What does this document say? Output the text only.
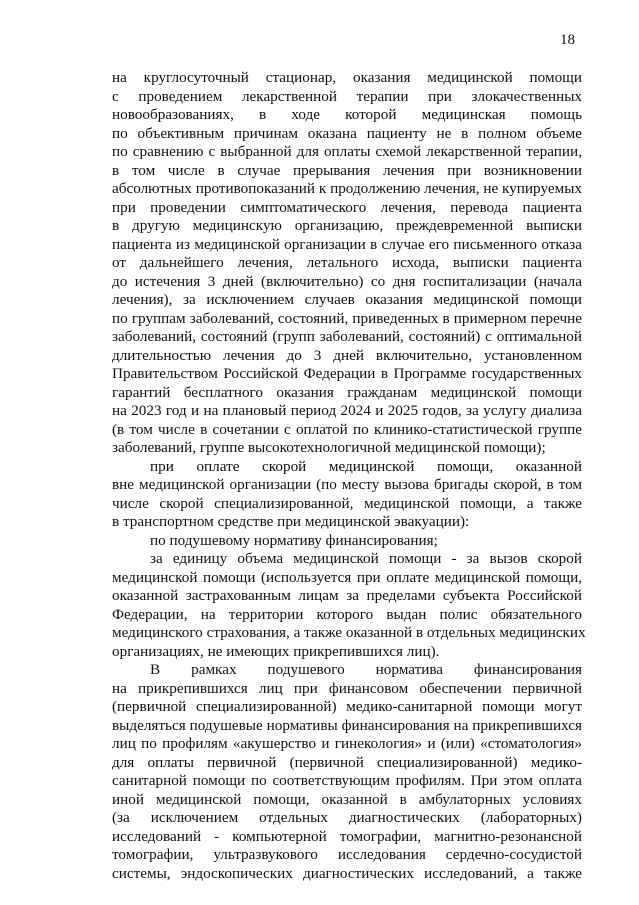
18
на круглосуточный стационар, оказания медицинской помощи
с проведением лекарственной терапии при злокачественных
новообразованиях, в ходе которой медицинская помощь
по объективным причинам оказана пациенту не в полном объеме
по сравнению с выбранной для оплаты схемой лекарственной терапии,
в том числе в случае прерывания лечения при возникновении
абсолютных противопоказаний к продолжению лечения, не купируемых
при проведении симптоматического лечения, перевода пациента
в другую медицинскую организацию, преждевременной выписки
пациента из медицинской организации в случае его письменного отказа
от дальнейшего лечения, летального исхода, выписки пациента
до истечения 3 дней (включительно) со дня госпитализации (начала
лечения), за исключением случаев оказания медицинской помощи
по группам заболеваний, состояний, приведенных в примерном перечне
заболеваний, состояний (групп заболеваний, состояний) с оптимальной
длительностью лечения до 3 дней включительно, установленном
Правительством Российской Федерации в Программе государственных
гарантий бесплатного оказания гражданам медицинской помощи
на 2023 год и на плановый период 2024 и 2025 годов, за услугу диализа
(в том числе в сочетании с оплатой по клинико-статистической группе
заболеваний, группе высокотехнологичной медицинской помощи);
при оплате скорой медицинской помощи, оказанной
вне медицинской организации (по месту вызова бригады скорой, в том
числе скорой специализированной, медицинской помощи, а также
в транспортном средстве при медицинской эвакуации):
по подушевому нормативу финансирования;
за единицу объема медицинской помощи - за вызов скорой
медицинской помощи (используется при оплате медицинской помощи,
оказанной застрахованным лицам за пределами субъекта Российской
Федерации, на территории которого выдан полис обязательного
медицинского страхования, а также оказанной в отдельных медицинских
организациях, не имеющих прикрепившихся лиц).
В рамках подушевого норматива финансирования
на прикрепившихся лиц при финансовом обеспечении первичной
(первичной специализированной) медико-санитарной помощи могут
выделяться подушевые нормативы финансирования на прикрепившихся
лиц по профилям «акушерство и гинекология» и (или) «стоматология»
для оплаты первичной (первичной специализированной) медико-
санитарной помощи по соответствующим профилям. При этом оплата
иной медицинской помощи, оказанной в амбулаторных условиях
(за исключением отдельных диагностических (лабораторных)
исследований - компьютерной томографии, магнитно-резонансной
томографии, ультразвукового исследования сердечно-сосудистой
системы, эндоскопических диагностических исследований, а также
